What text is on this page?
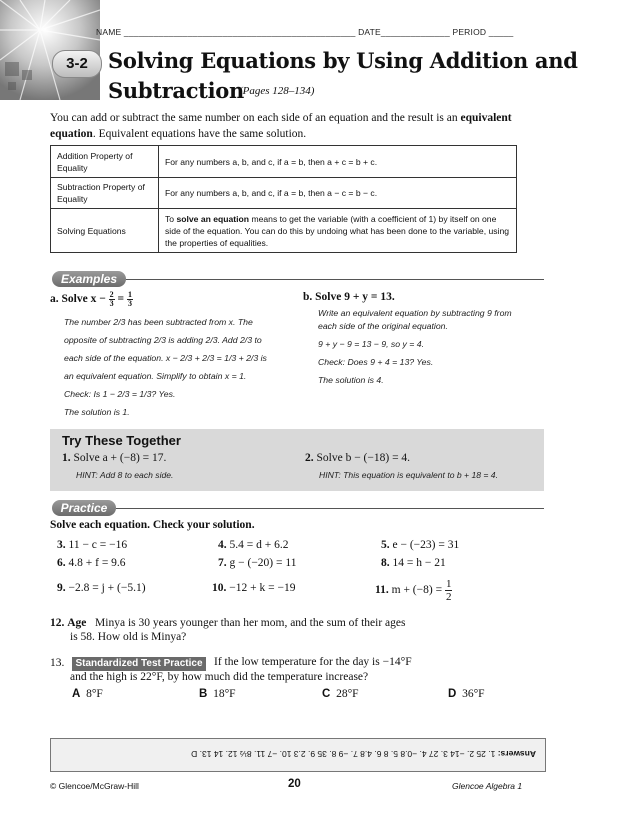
NAME _______________________________________________ DATE______________ PERIOD _____
3-2 Solving Equations by Using Addition and
Subtraction
(Pages 128–134)
You can add or subtract the same number on each side of an equation and the result is an equivalent equation. Equivalent equations have the same solution.
Addition Property of Equality	For any numbers a, b, and c, if a = b, then a + c = b + c.
Subtraction Property of Equality	For any numbers a, b, and c, if a = b, then a − c = b − c.
Solving Equations	To solve an equation means to get the variable (with a coefficient of 1) by itself on one side of the equation. You can do this by undoing what has been done to the variable, using the properties of equalities.
Examples
a. Solve $x - \frac{2}{3} = \frac{1}{3}$
The number 2/3 has been subtracted from x. The
opposite of subtracting 2/3 is adding 2/3. Add 2/3 to
each side of the equation. x − 2/3 + 2/3 = 1/3 + 2/3 is
an equivalent equation. Simplify to obtain x = 1.
Check: Is 1 − 2/3 = 1/3? Yes.
The solution is 1.
b. Solve 9 + y = 13.
Write an equivalent equation by subtracting 9 from
each side of the original equation.
9 + y − 9 = 13 − 9, so y = 4.
Check: Does 9 + 4 = 13? Yes.
The solution is 4.
Try These Together
1. Solve a + (−8) = 17.
HINT: Add 8 to each side.
2. Solve b − (−18) = 4.
HINT: This equation is equivalent to b + 18 = 4.
Practice
Solve each equation. Check your solution.
3. 11 − c = −16	4. 5.4 = d + 6.2	5. e − (−23) = 31
6. 4.8 + f = 9.6	7. g − (−20) = 11	8. 14 = h − 21
9. −2.8 = j + (−5.1)	10. −12 + k = −19	11. $m + (-8) = \frac{1}{2}$
12. Age Minya is 30 years younger than her mom, and the sum of their ages
is 58. How old is Minya?
13.	Standardized Test Practice If the low temperature for the day is −14°F
and the high is 22°F, by how much did the temperature increase?
A 8°F	B 18°F	C 28°F	D 36°F
Answers:

1. 25 2. −14 3. 27 4. −0.8 5. 8 6. 4.8 7. −9 8. 35 9. 2.3 10. −7 11. 8½ 12. 14 13. D
© Glencoe/McGraw-Hill	20	Glencoe Algebra 1
